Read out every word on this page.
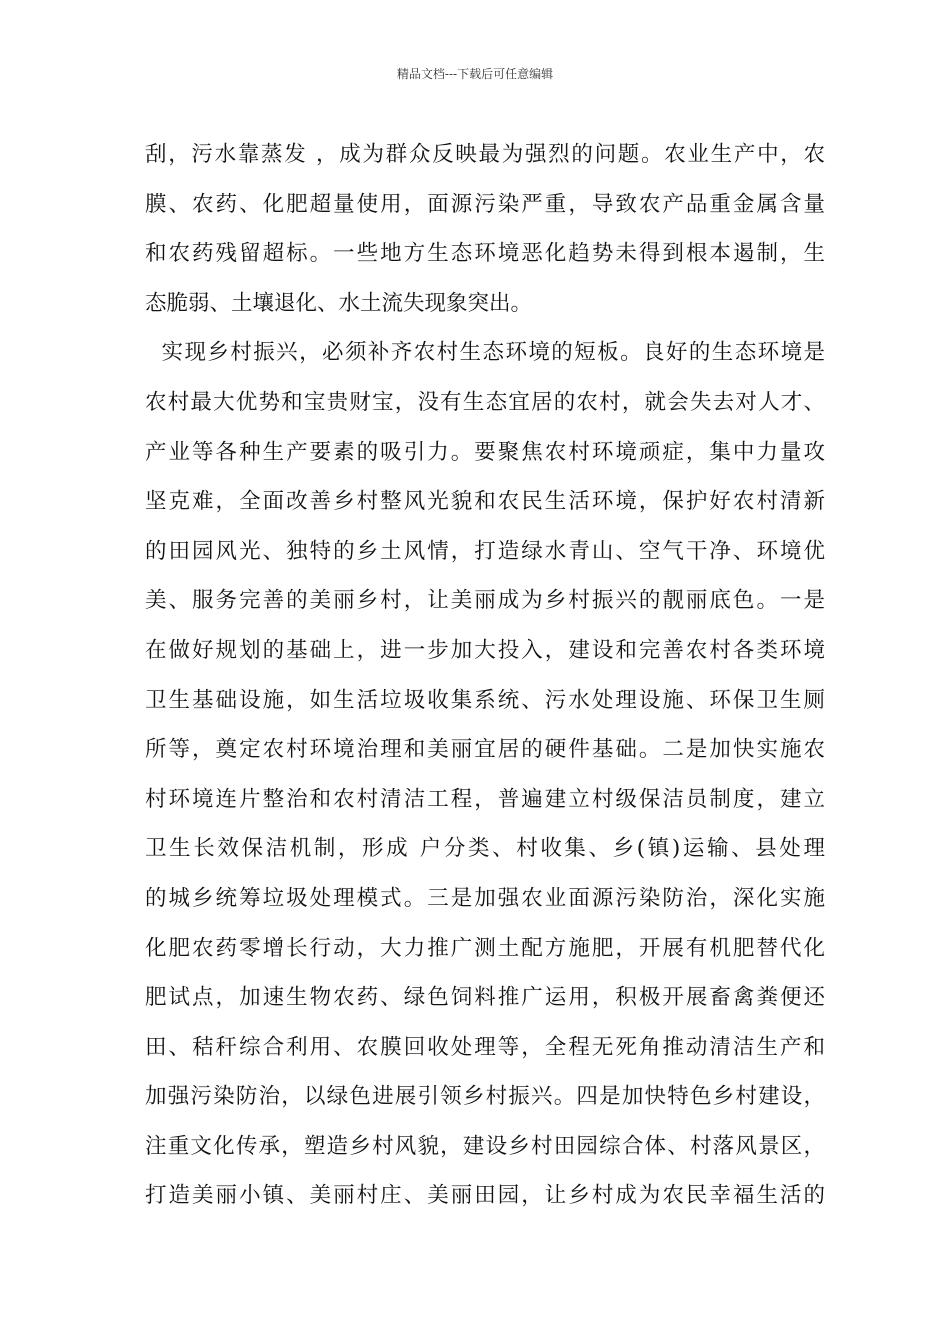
精品文档---下载后可任意编辑
刮，污水靠蒸发 ，成为群众反映最为强烈的问题。农业生产中，农
膜、农药、化肥超量使用，面源污染严重，导致农产品重金属含量
和农药残留超标。一些地方生态环境恶化趋势未得到根本遏制，生
态脆弱、土壤退化、水土流失现象突出。
实现乡村振兴，必须补齐农村生态环境的短板。良好的生态环境是
农村最大优势和宝贵财宝，没有生态宜居的农村，就会失去对人才、
产业等各种生产要素的吸引力。要聚焦农村环境顽症，集中力量攻
坚克难，全面改善乡村整风光貌和农民生活环境，保护好农村清新
的田园风光、独特的乡土风情，打造绿水青山、空气干净、环境优
美、服务完善的美丽乡村，让美丽成为乡村振兴的靓丽底色。一是
在做好规划的基础上，进一步加大投入，建设和完善农村各类环境
卫生基础设施，如生活垃圾收集系统、污水处理设施、环保卫生厕
所等，奠定农村环境治理和美丽宜居的硬件基础。二是加快实施农
村环境连片整治和农村清洁工程，普遍建立村级保洁员制度，建立
卫生长效保洁机制，形成 户分类、村收集、乡(镇)运输、县处理
的城乡统筹垃圾处理模式。三是加强农业面源污染防治，深化实施
化肥农药零增长行动，大力推广测土配方施肥，开展有机肥替代化
肥试点，加速生物农药、绿色饲料推广运用，积极开展畜禽粪便还
田、秸秆综合利用、农膜回收处理等，全程无死角推动清洁生产和
加强污染防治，以绿色进展引领乡村振兴。四是加快特色乡村建设，
注重文化传承，塑造乡村风貌，建设乡村田园综合体、村落风景区，
打造美丽小镇、美丽村庄、美丽田园，让乡村成为农民幸福生活的
